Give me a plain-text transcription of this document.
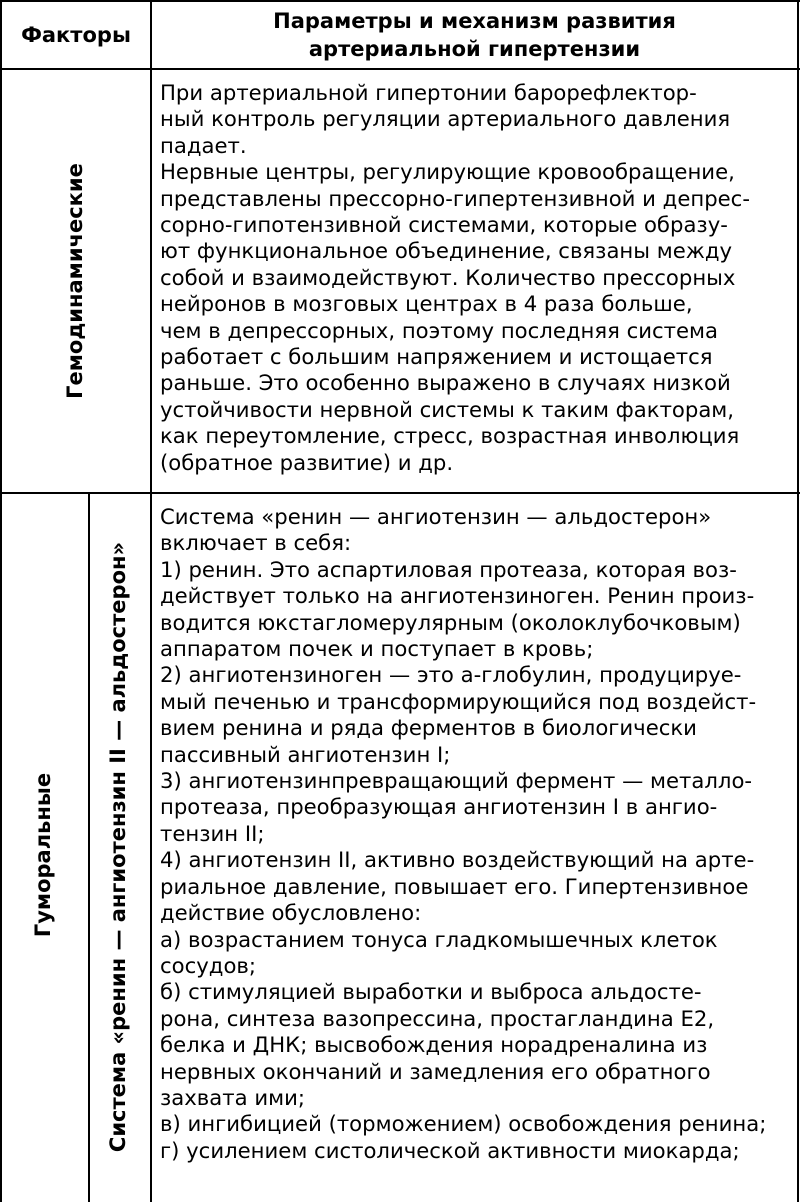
Факторы
Параметры и механизм развития
артериальной гипертензии
Гемодинамические

При артериальной гипертонии барорефлектор-

ный контроль регуляции артериального давления

падает.

Нервные центры, регулирующие кровообращение,

представлены прессорно-гипертензивной и депрес-

сорно-гипотензивной системами, которые образу-

ют функциональное объединение, связаны между

собой и взаимодействуют. Количество прессорных

нейронов в мозговых центрах в 4 раза больше,

чем в депрессорных, поэтому последняя система

работает с большим напряжением и истощается

раньше. Это особенно выражено в случаях низкой

устойчивости нервной системы к таким факторам,

как переутомление, стресс, возрастная инволюция

(обратное развитие) и др.

Гуморальные Система «ренин — ангиотензин II — альдостерон»

Система «ренин — ангиотензин — альдостерон»

включает в себя:

1) ренин. Это аспартиловая протеаза, которая воз-

действует только на ангиотензиноген. Ренин произ-

водится юкстагломерулярным (околоклубочковым)

аппаратом почек и поступает в кровь;

2) ангиотензиноген — это а-глобулин, продуцируе-

мый печенью и трансформирующийся под воздейст-

вием ренина и ряда ферментов в биологически

пассивный ангиотензин I;

3) ангиотензинпревращающий фермент — металло-

протеаза, преобразующая ангиотензин I в ангио-

тензин II;

4) ангиотензин II, активно воздействующий на арте-

риальное давление, повышает его. Гипертензивное

действие обусловлено:

а) возрастанием тонуса гладкомышечных клеток

сосудов;

б) стимуляцией выработки и выброса альдосте-

рона, синтеза вазопрессина, простагландина Е2,

белка и ДНК; высвобождения норадреналина из

нервных окончаний и замедления его обратного

захвата ими;

в) ингибицией (торможением) освобождения ренина;

г) усилением систолической активности миокарда;
